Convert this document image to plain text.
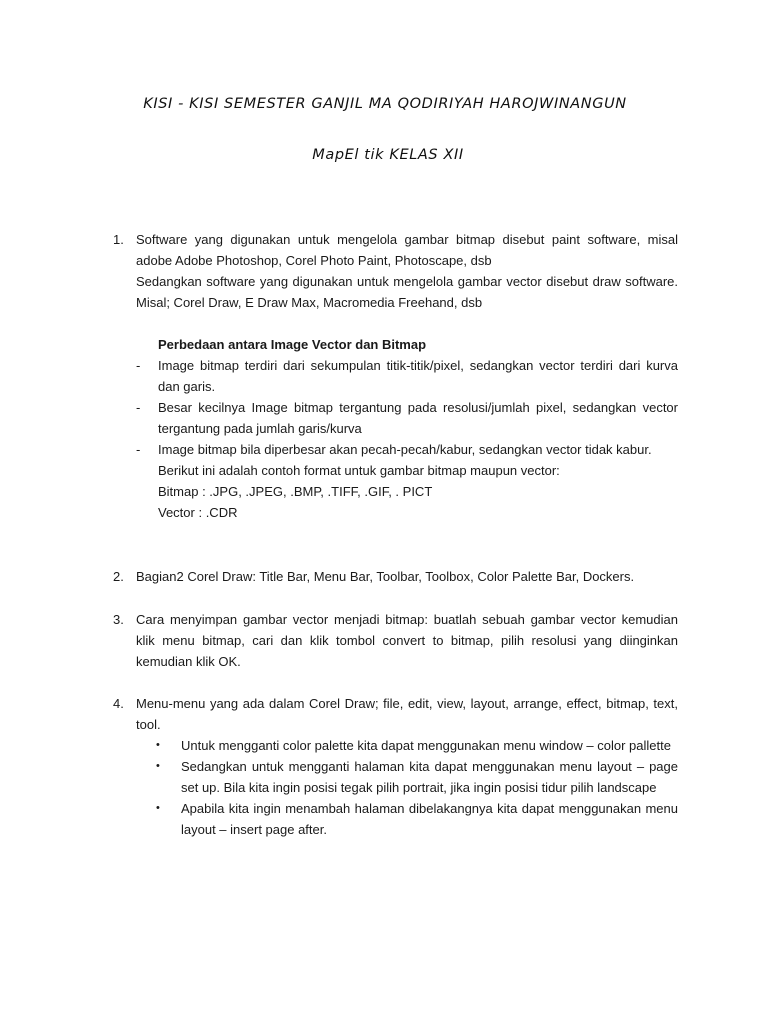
KISI - KISI SEMESTER GANJIL MA QODIRIYAH HAROJWINANGUN
MapEl tik KELAS XII
1. Software yang digunakan untuk mengelola gambar bitmap disebut paint software, misal adobe Adobe Photoshop, Corel Photo Paint, Photoscape, dsb

Sedangkan software yang digunakan untuk mengelola gambar vector disebut draw software. Misal; Corel Draw, E Draw Max, Macromedia Freehand, dsb

Perbedaan antara Image Vector dan Bitmap

- Image bitmap terdiri dari sekumpulan titik-titik/pixel, sedangkan vector terdiri dari kurva dan garis.

- Besar kecilnya Image bitmap tergantung pada resolusi/jumlah pixel, sedangkan vector tergantung pada jumlah garis/kurva

- Image bitmap bila diperbesar akan pecah-pecah/kabur, sedangkan vector tidak kabur.

Berikut ini adalah contoh format untuk gambar bitmap maupun vector:

Bitmap : .JPG, .JPEG, .BMP, .TIFF, .GIF, . PICT

Vector : .CDR

2. Bagian2 Corel Draw: Title Bar, Menu Bar, Toolbar, Toolbox, Color Palette Bar, Dockers.

3. Cara menyimpan gambar vector menjadi bitmap: buatlah sebuah gambar vector kemudian klik menu bitmap, cari dan klik tombol convert to bitmap, pilih resolusi yang diinginkan kemudian klik OK.

4. Menu-menu yang ada dalam Corel Draw; file, edit, view, layout, arrange, effect, bitmap, text, tool.

• Untuk mengganti color palette kita dapat menggunakan menu window – color pallette

• Sedangkan untuk mengganti halaman kita dapat menggunakan menu layout – page set up. Bila kita ingin posisi tegak pilih portrait, jika ingin posisi tidur pilih landscape

• Apabila kita ingin menambah halaman dibelakangnya kita dapat menggunakan menu layout – insert page after.
